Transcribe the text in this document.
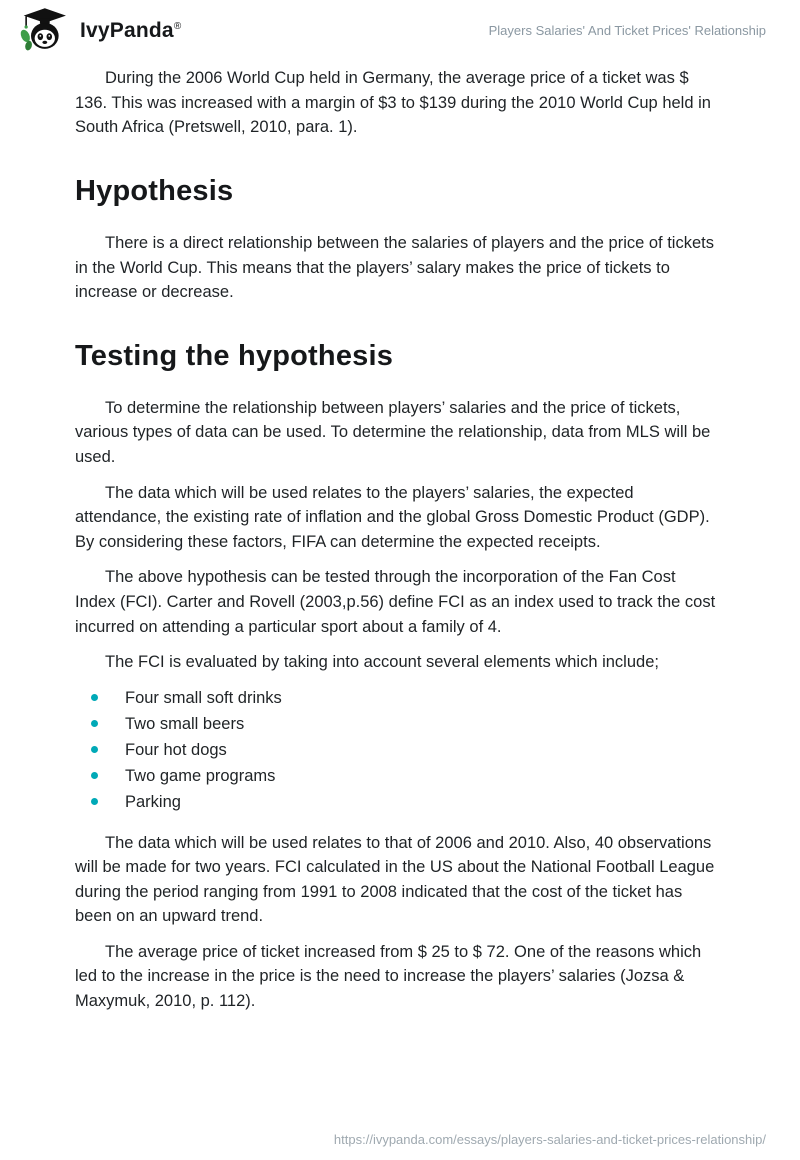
IvyPanda®	Players Salaries' And Ticket Prices' Relationship

During the 2006 World Cup held in Germany, the average price of a ticket was $ 136. This was increased with a margin of $3 to $139 during the 2010 World Cup held in South Africa (Pretswell, 2010, para. 1).

Hypothesis

There is a direct relationship between the salaries of players and the price of tickets in the World Cup. This means that the players’ salary makes the price of tickets to increase or decrease.

Testing the hypothesis

To determine the relationship between players’ salaries and the price of tickets, various types of data can be used. To determine the relationship, data from MLS will be used.

The data which will be used relates to the players’ salaries, the expected attendance, the existing rate of inflation and the global Gross Domestic Product (GDP). By considering these factors, FIFA can determine the expected receipts.

The above hypothesis can be tested through the incorporation of the Fan Cost Index (FCI). Carter and Rovell (2003,p.56) define FCI as an index used to track the cost incurred on attending a particular sport about a family of 4.

The FCI is evaluated by taking into account several elements which include;

Four small soft drinks
Two small beers
Four hot dogs
Two game programs
Parking

The data which will be used relates to that of 2006 and 2010. Also, 40 observations will be made for two years. FCI calculated in the US about the National Football League during the period ranging from 1991 to 2008 indicated that the cost of the ticket has been on an upward trend.

The average price of ticket increased from $ 25 to $ 72. One of the reasons which led to the increase in the price is the need to increase the players’ salaries (Jozsa & Maxymuk, 2010, p. 112).

https://ivypanda.com/essays/players-salaries-and-ticket-prices-relationship/
